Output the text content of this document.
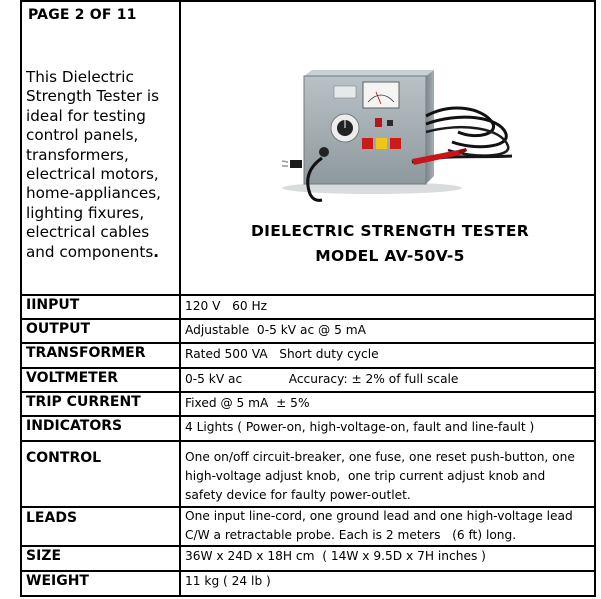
PAGE 2 OF 11
This Dielectric Strength Tester is ideal for testing control panels, transformers, electrical motors, home-appliances, lighting fixures, electrical cables and components.
DIELECTRIC STRENGTH TESTER
MODEL AV-50V-5
IINPUT	120 V   60 Hz
OUTPUT	Adjustable  0-5 kV ac @ 5 mA
TRANSFORMER	Rated 500 VA   Short duty cycle
VOLTMETER	0-5 kV ac            Accuracy: ± 2% of full scale
TRIP CURRENT	Fixed @ 5 mA  ± 5%
INDICATORS	4 Lights ( Power-on, high-voltage-on, fault and line-fault )
CONTROL	One on/off circuit-breaker, one fuse, one reset push-button, one high-voltage adjust knob,  one trip current adjust knob and safety device for faulty power-outlet.
LEADS	One input line-cord, one ground lead and one high-voltage lead C/W a retractable probe. Each is 2 meters   (6 ft) long.
SIZE	36W x 24D x 18H cm  ( 14W x 9.5D x 7H inches )
WEIGHT	11 kg ( 24 lb )
